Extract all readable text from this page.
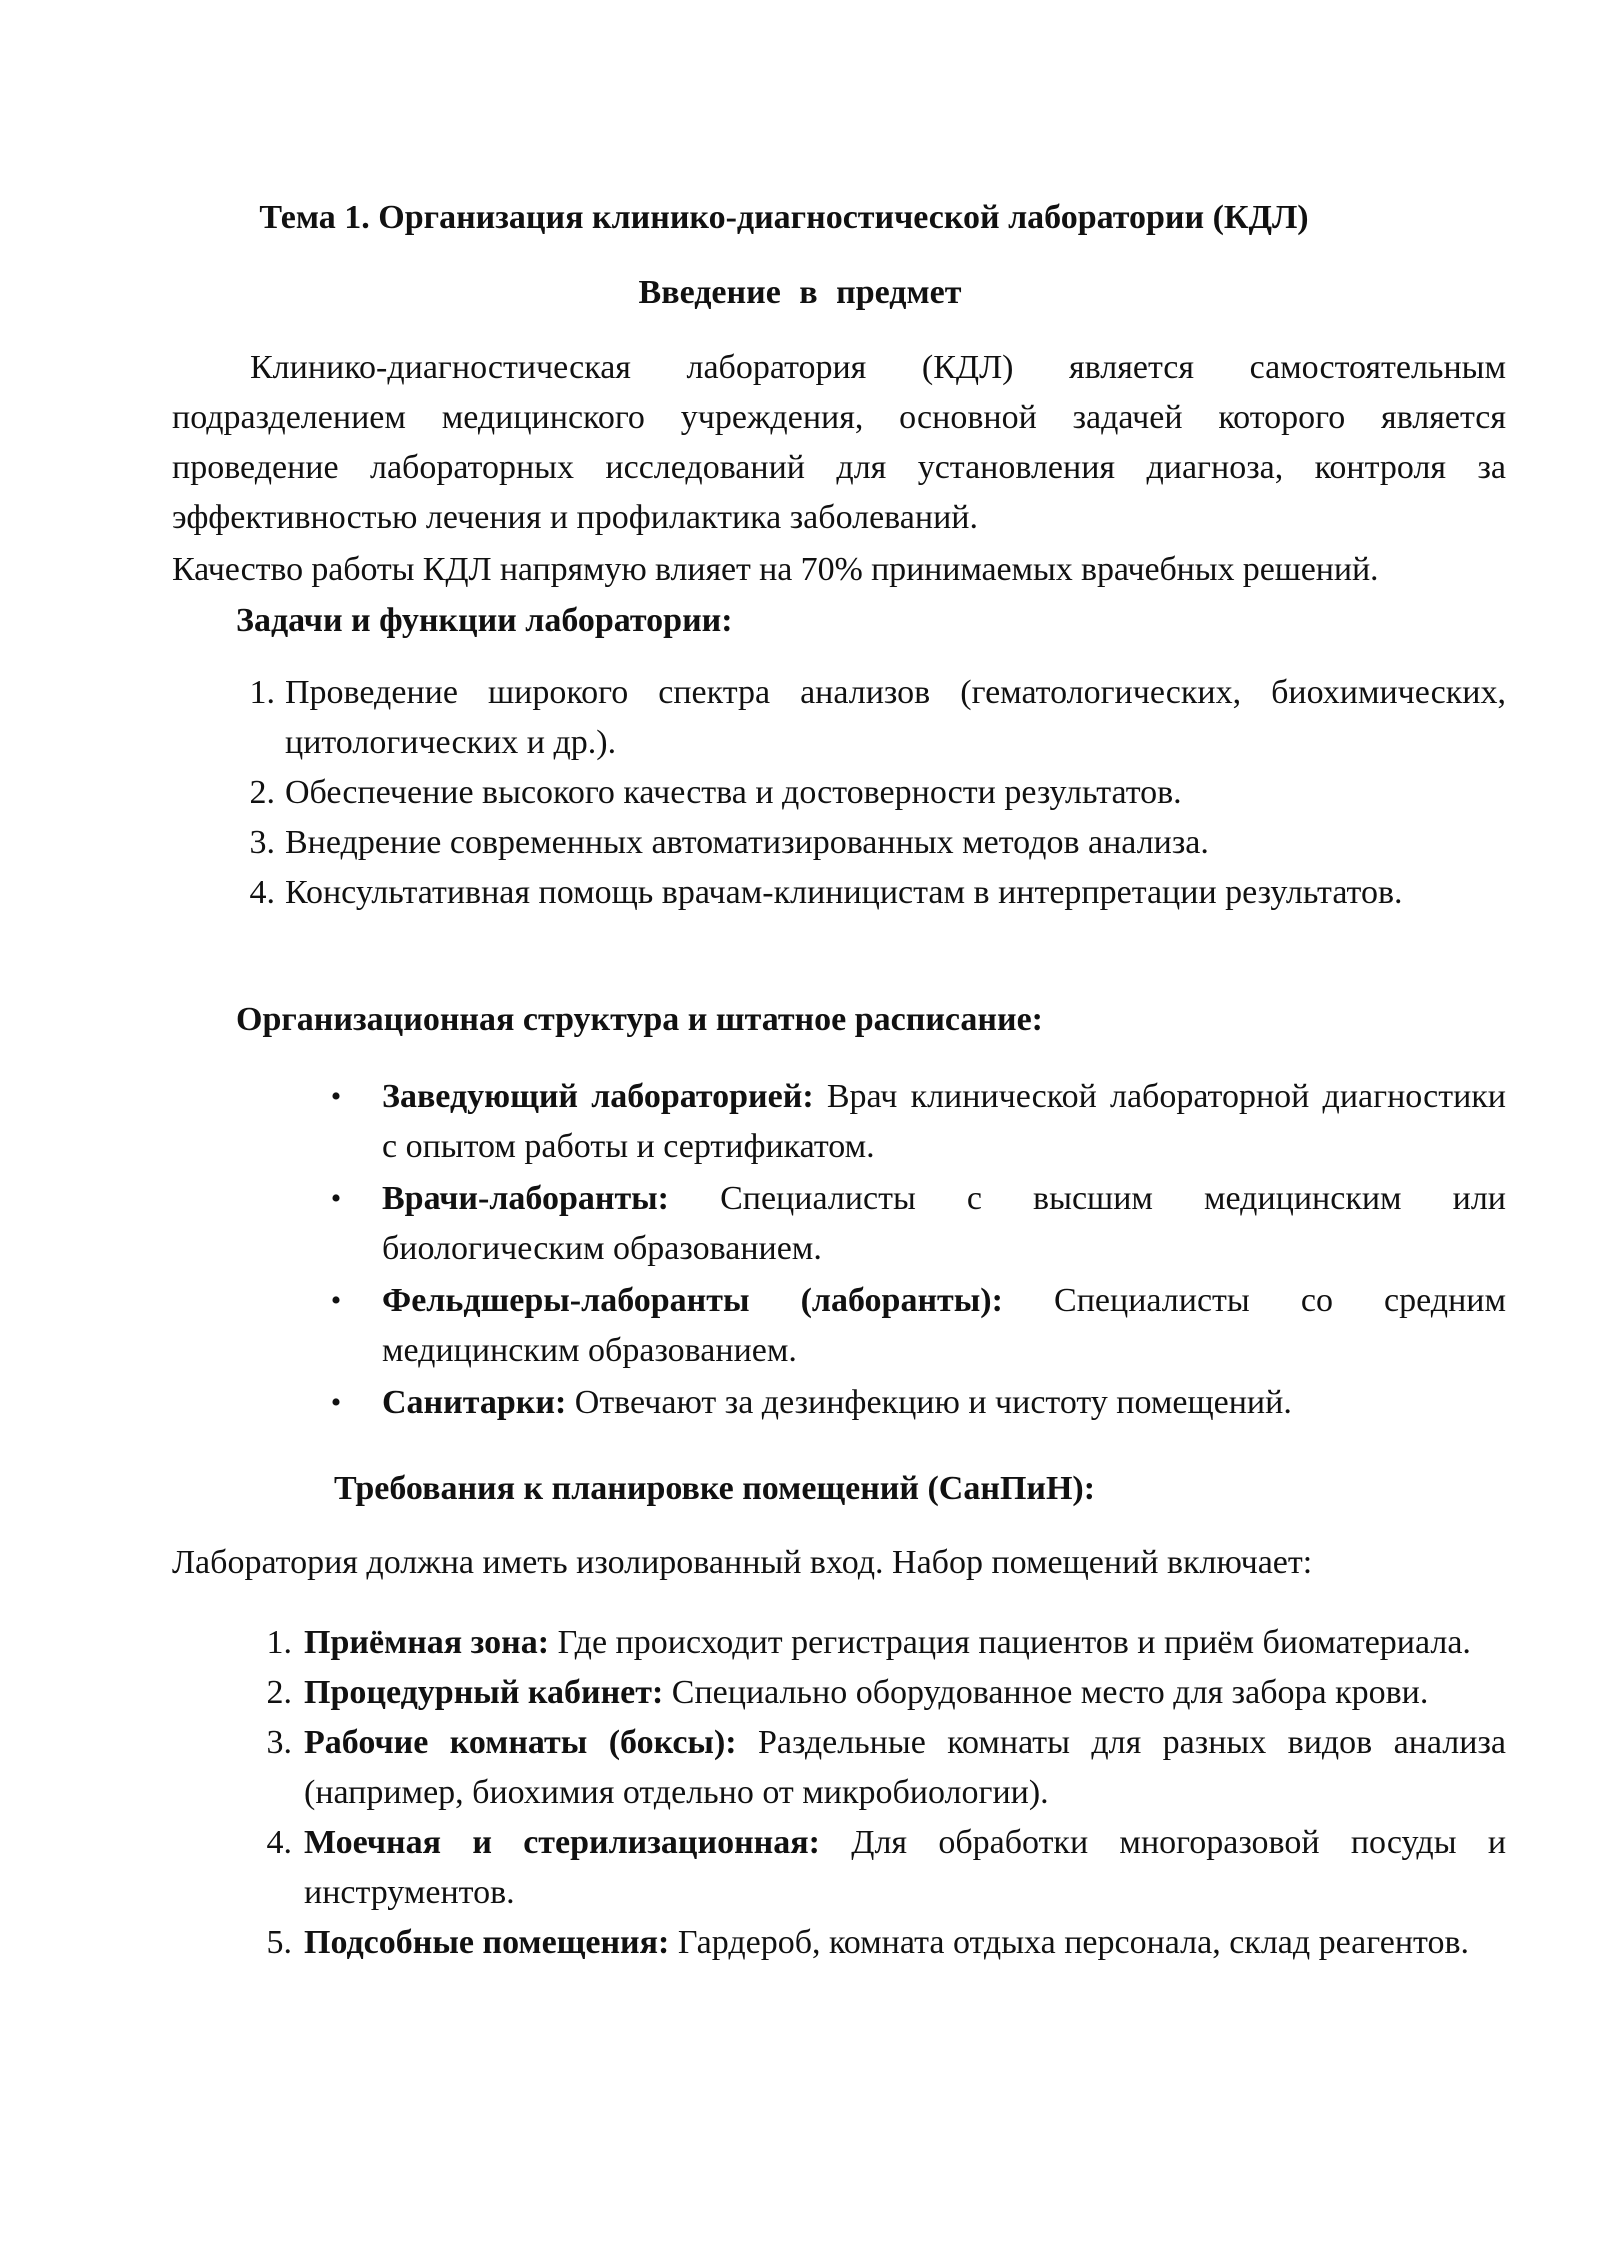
Тема 1. Организация клинико-диагностической лаборатории (КДЛ)
Введение в предмет

Клинико-диагностическая лаборатория (КДЛ) является самостоятельным подразделением медицинского учреждения, основной задачей которого является проведение лабораторных исследований для установления диагноза, контроля за эффективностью лечения и профилактика заболеваний.

Качество работы КДЛ напрямую влияет на 70% принимаемых врачебных решений.

Задачи и функции лаборатории:
1. Проведение широкого спектра анализов (гематологических, биохимических, цитологических и др.).
2. Обеспечение высокого качества и достоверности результатов.
3. Внедрение современных автоматизированных методов анализа.
4. Консультативная помощь врачам-клиницистам в интерпретации результатов.
Организационная структура и штатное расписание:
• Заведующий лабораторией: Врач клинической лабораторной диагностики с опытом работы и сертификатом.
• Врачи-лаборанты: Специалисты с высшим медицинским или биологическим образованием.
• Фельдшеры-лаборанты (лаборанты): Специалисты со средним медицинским образованием.
• Санитарки: Отвечают за дезинфекцию и чистоту помещений.
Требования к планировке помещений (СанПиН):

Лаборатория должна иметь изолированный вход. Набор помещений включает:

1. Приёмная зона: Где происходит регистрация пациентов и приём биоматериала.
2. Процедурный кабинет: Специально оборудованное место для забора крови.
3. Рабочие комнаты (боксы): Раздельные комнаты для разных видов анализа (например, биохимия отдельно от микробиологии).
4. Моечная и стерилизационная: Для обработки многоразовой посуды и инструментов.
5. Подсобные помещения: Гардероб, комната отдыха персонала, склад реагентов.
